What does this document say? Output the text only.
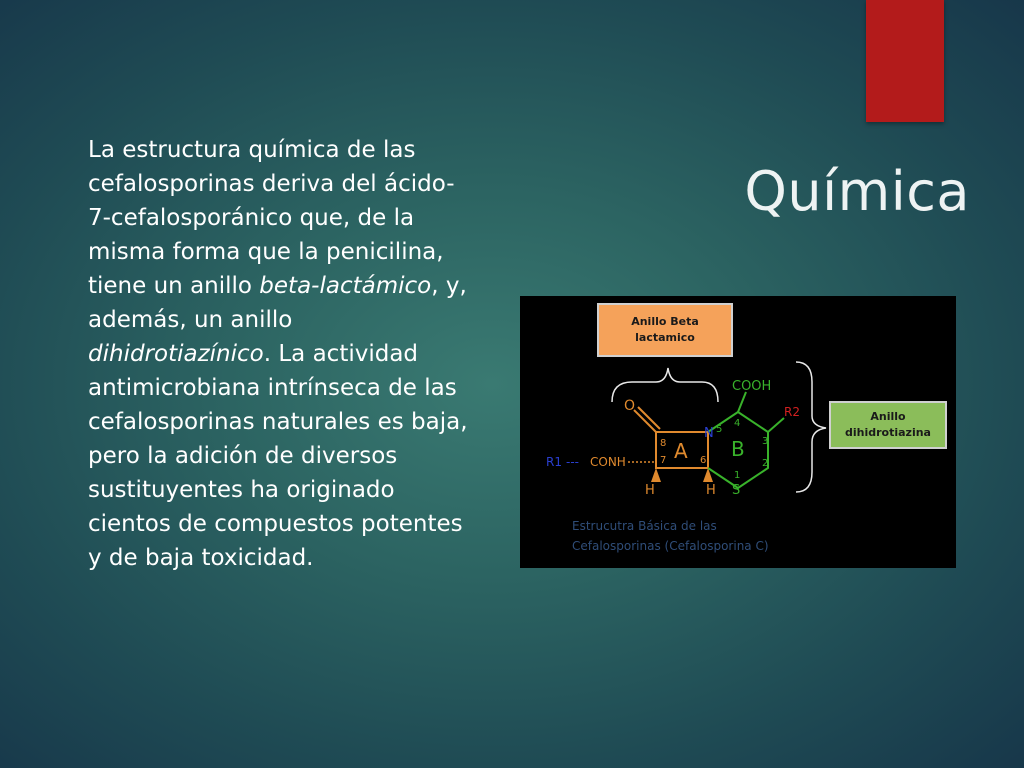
Química

La estructura química de las cefalosporinas deriva del ácido-7-cefalosporánico que, de la misma forma que la penicilina, tiene un anillo beta-lactámico, y, además, un anillo dihidrotiazínico. La actividad antimicrobiana intrínseca de las cefalosporinas naturales es baja, pero la adición de diversos sustituyentes ha originado cientos de compuestos potentes y de baja toxicidad.

Anillo Beta
lactamico
Anillo
dihidrotiazina
O
N
S
H	H
COOH
R2
R1 --- CONH A B
8
7	6
5
4
3
2
1
Estrucutra Básica de las
Cefalosporinas (Cefalosporina C)
